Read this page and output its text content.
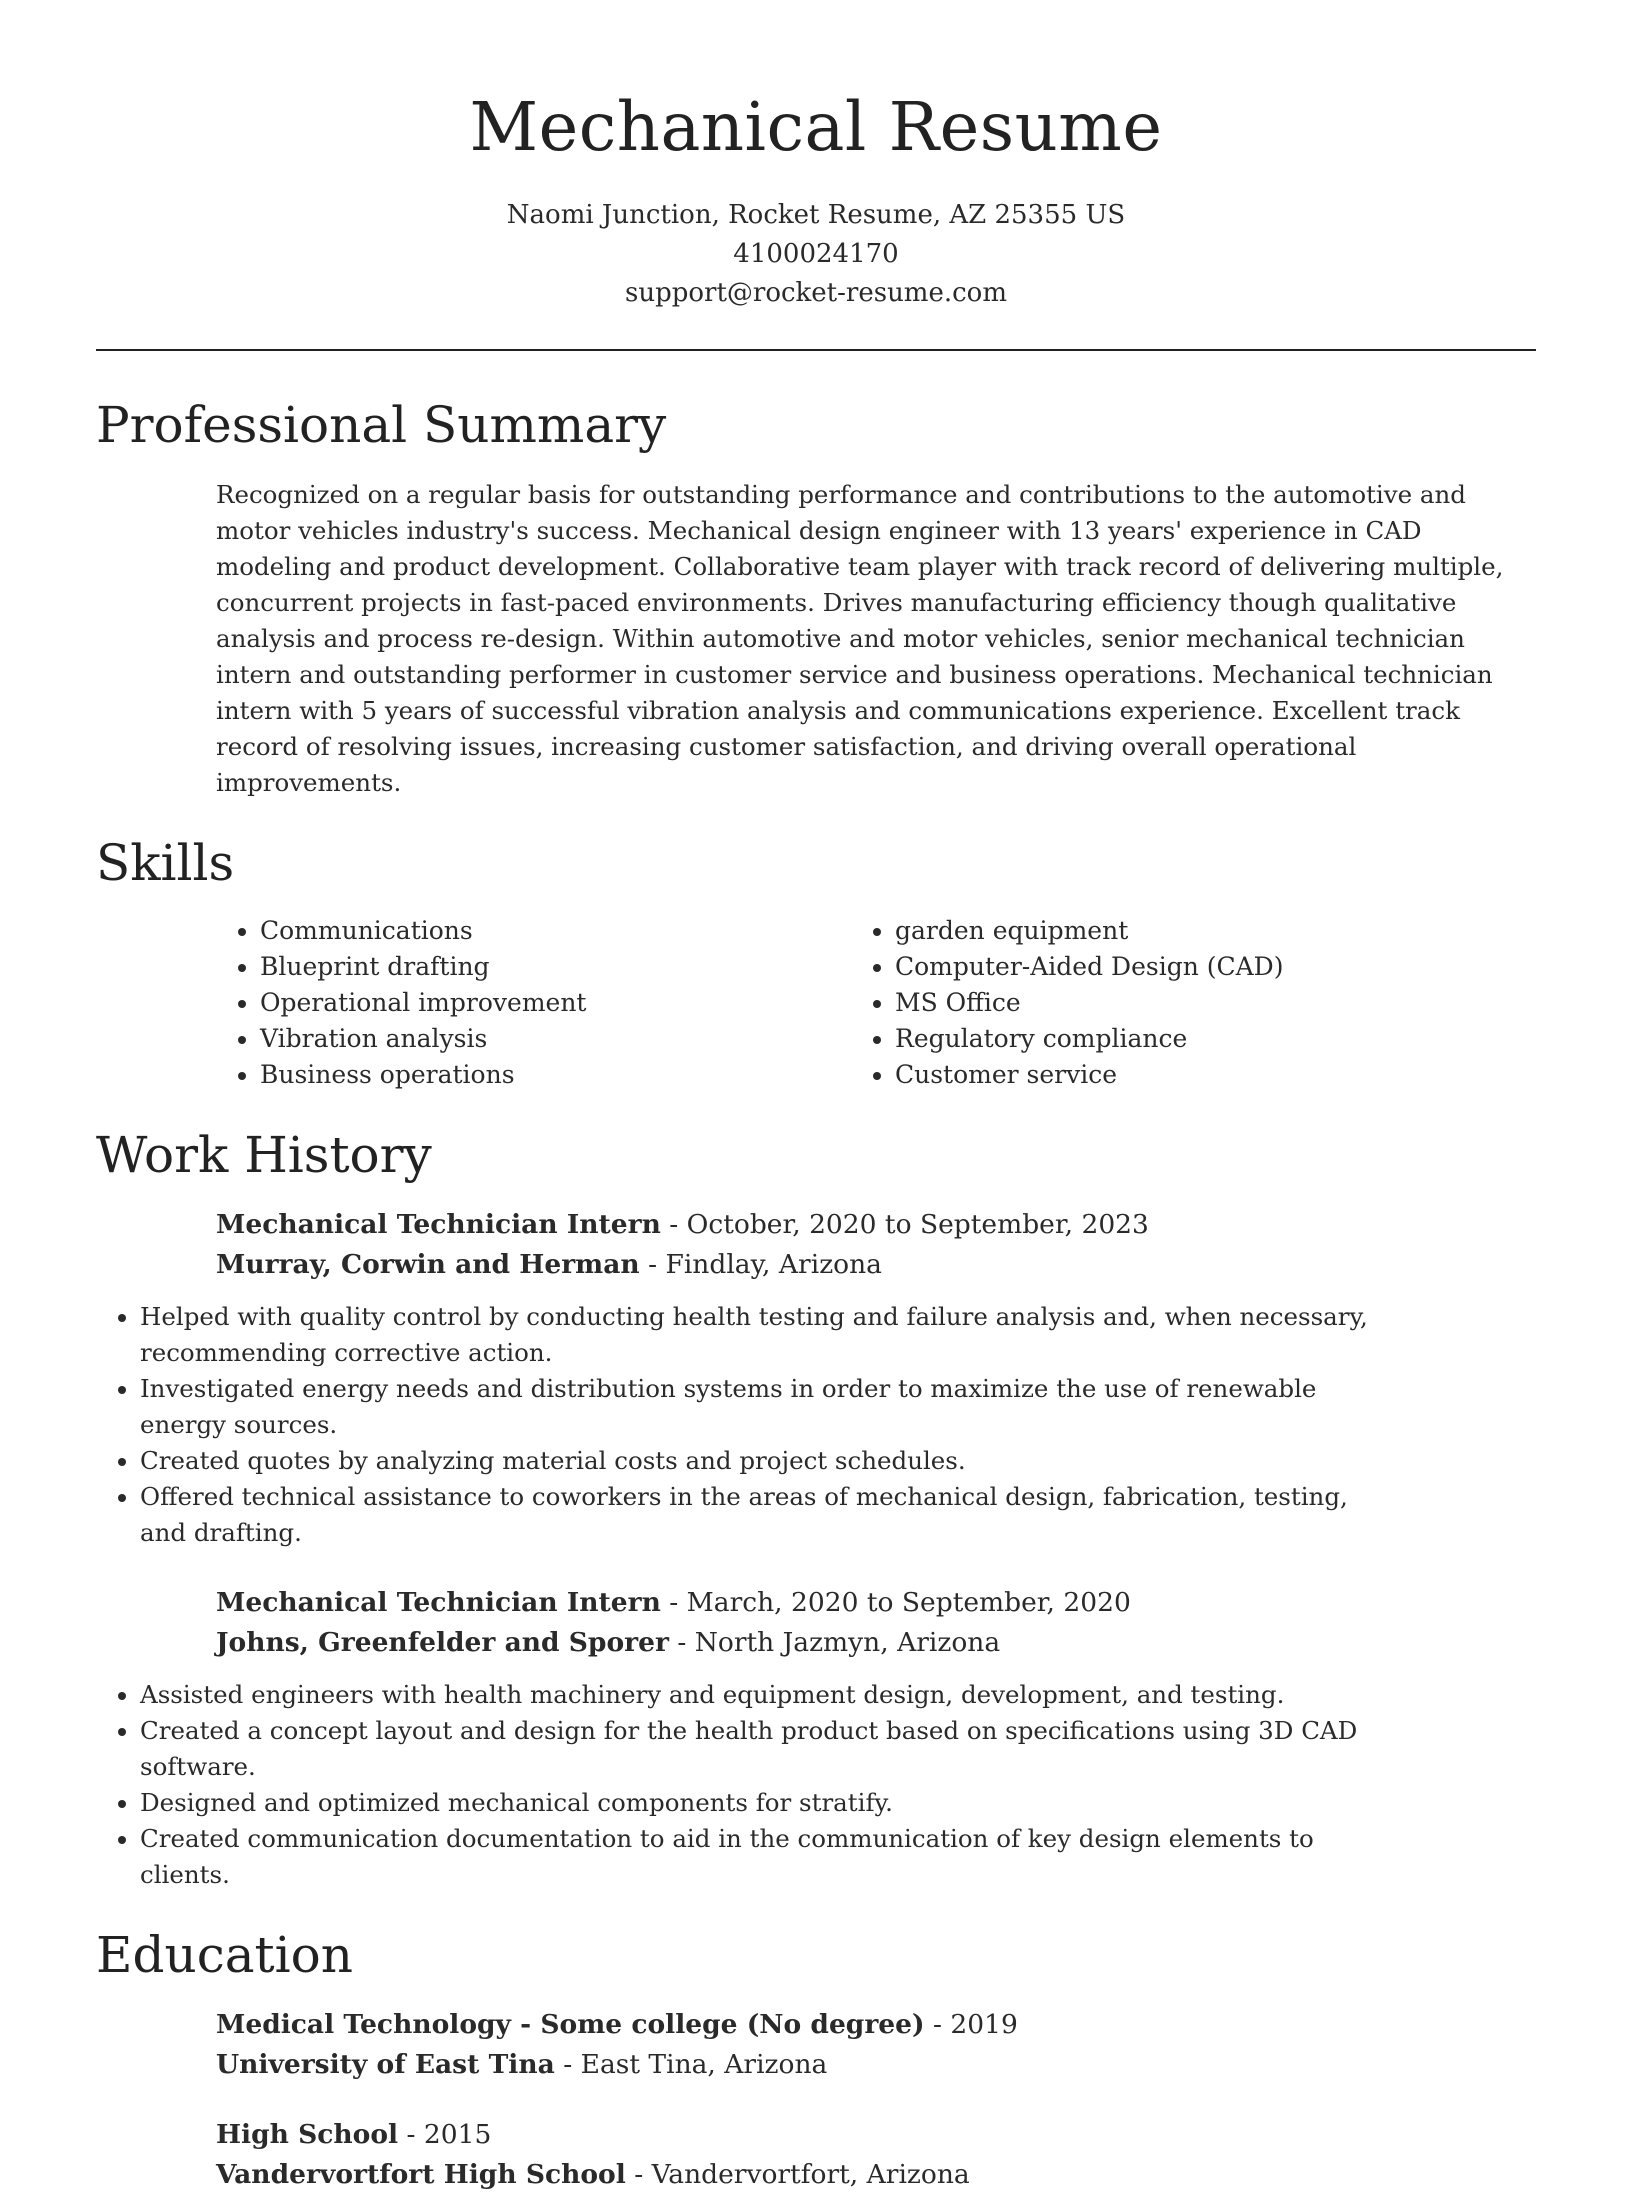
Mechanical Resume
Naomi Junction, Rocket Resume, AZ 25355 US
4100024170
support@rocket-resume.com
Professional Summary
Recognized on a regular basis for outstanding performance and contributions to the automotive and motor vehicles industry's success. Mechanical design engineer with 13 years' experience in CAD modeling and product development. Collaborative team player with track record of delivering multiple, concurrent projects in fast-paced environments. Drives manufacturing efficiency though qualitative analysis and process re-design. Within automotive and motor vehicles, senior mechanical technician intern and outstanding performer in customer service and business operations. Mechanical technician intern with 5 years of successful vibration analysis and communications experience. Excellent track record of resolving issues, increasing customer satisfaction, and driving overall operational improvements.
Skills
• Communications
• Blueprint drafting
• Operational improvement
• Vibration analysis
• Business operations
• garden equipment
• Computer-Aided Design (CAD)
• MS Office
• Regulatory compliance
• Customer service
Work History
Mechanical Technician Intern - October, 2020 to September, 2023
Murray, Corwin and Herman - Findlay, Arizona
• Helped with quality control by conducting health testing and failure analysis and, when necessary, recommending corrective action.
• Investigated energy needs and distribution systems in order to maximize the use of renewable energy sources.
• Created quotes by analyzing material costs and project schedules.
• Offered technical assistance to coworkers in the areas of mechanical design, fabrication, testing, and drafting.
Mechanical Technician Intern - March, 2020 to September, 2020
Johns, Greenfelder and Sporer - North Jazmyn, Arizona
• Assisted engineers with health machinery and equipment design, development, and testing.
• Created a concept layout and design for the health product based on specifications using 3D CAD software.
• Designed and optimized mechanical components for stratify.
• Created communication documentation to aid in the communication of key design elements to clients.
Education
Medical Technology - Some college (No degree) - 2019
University of East Tina - East Tina, Arizona
High School - 2015
Vandervortfort High School - Vandervortfort, Arizona
